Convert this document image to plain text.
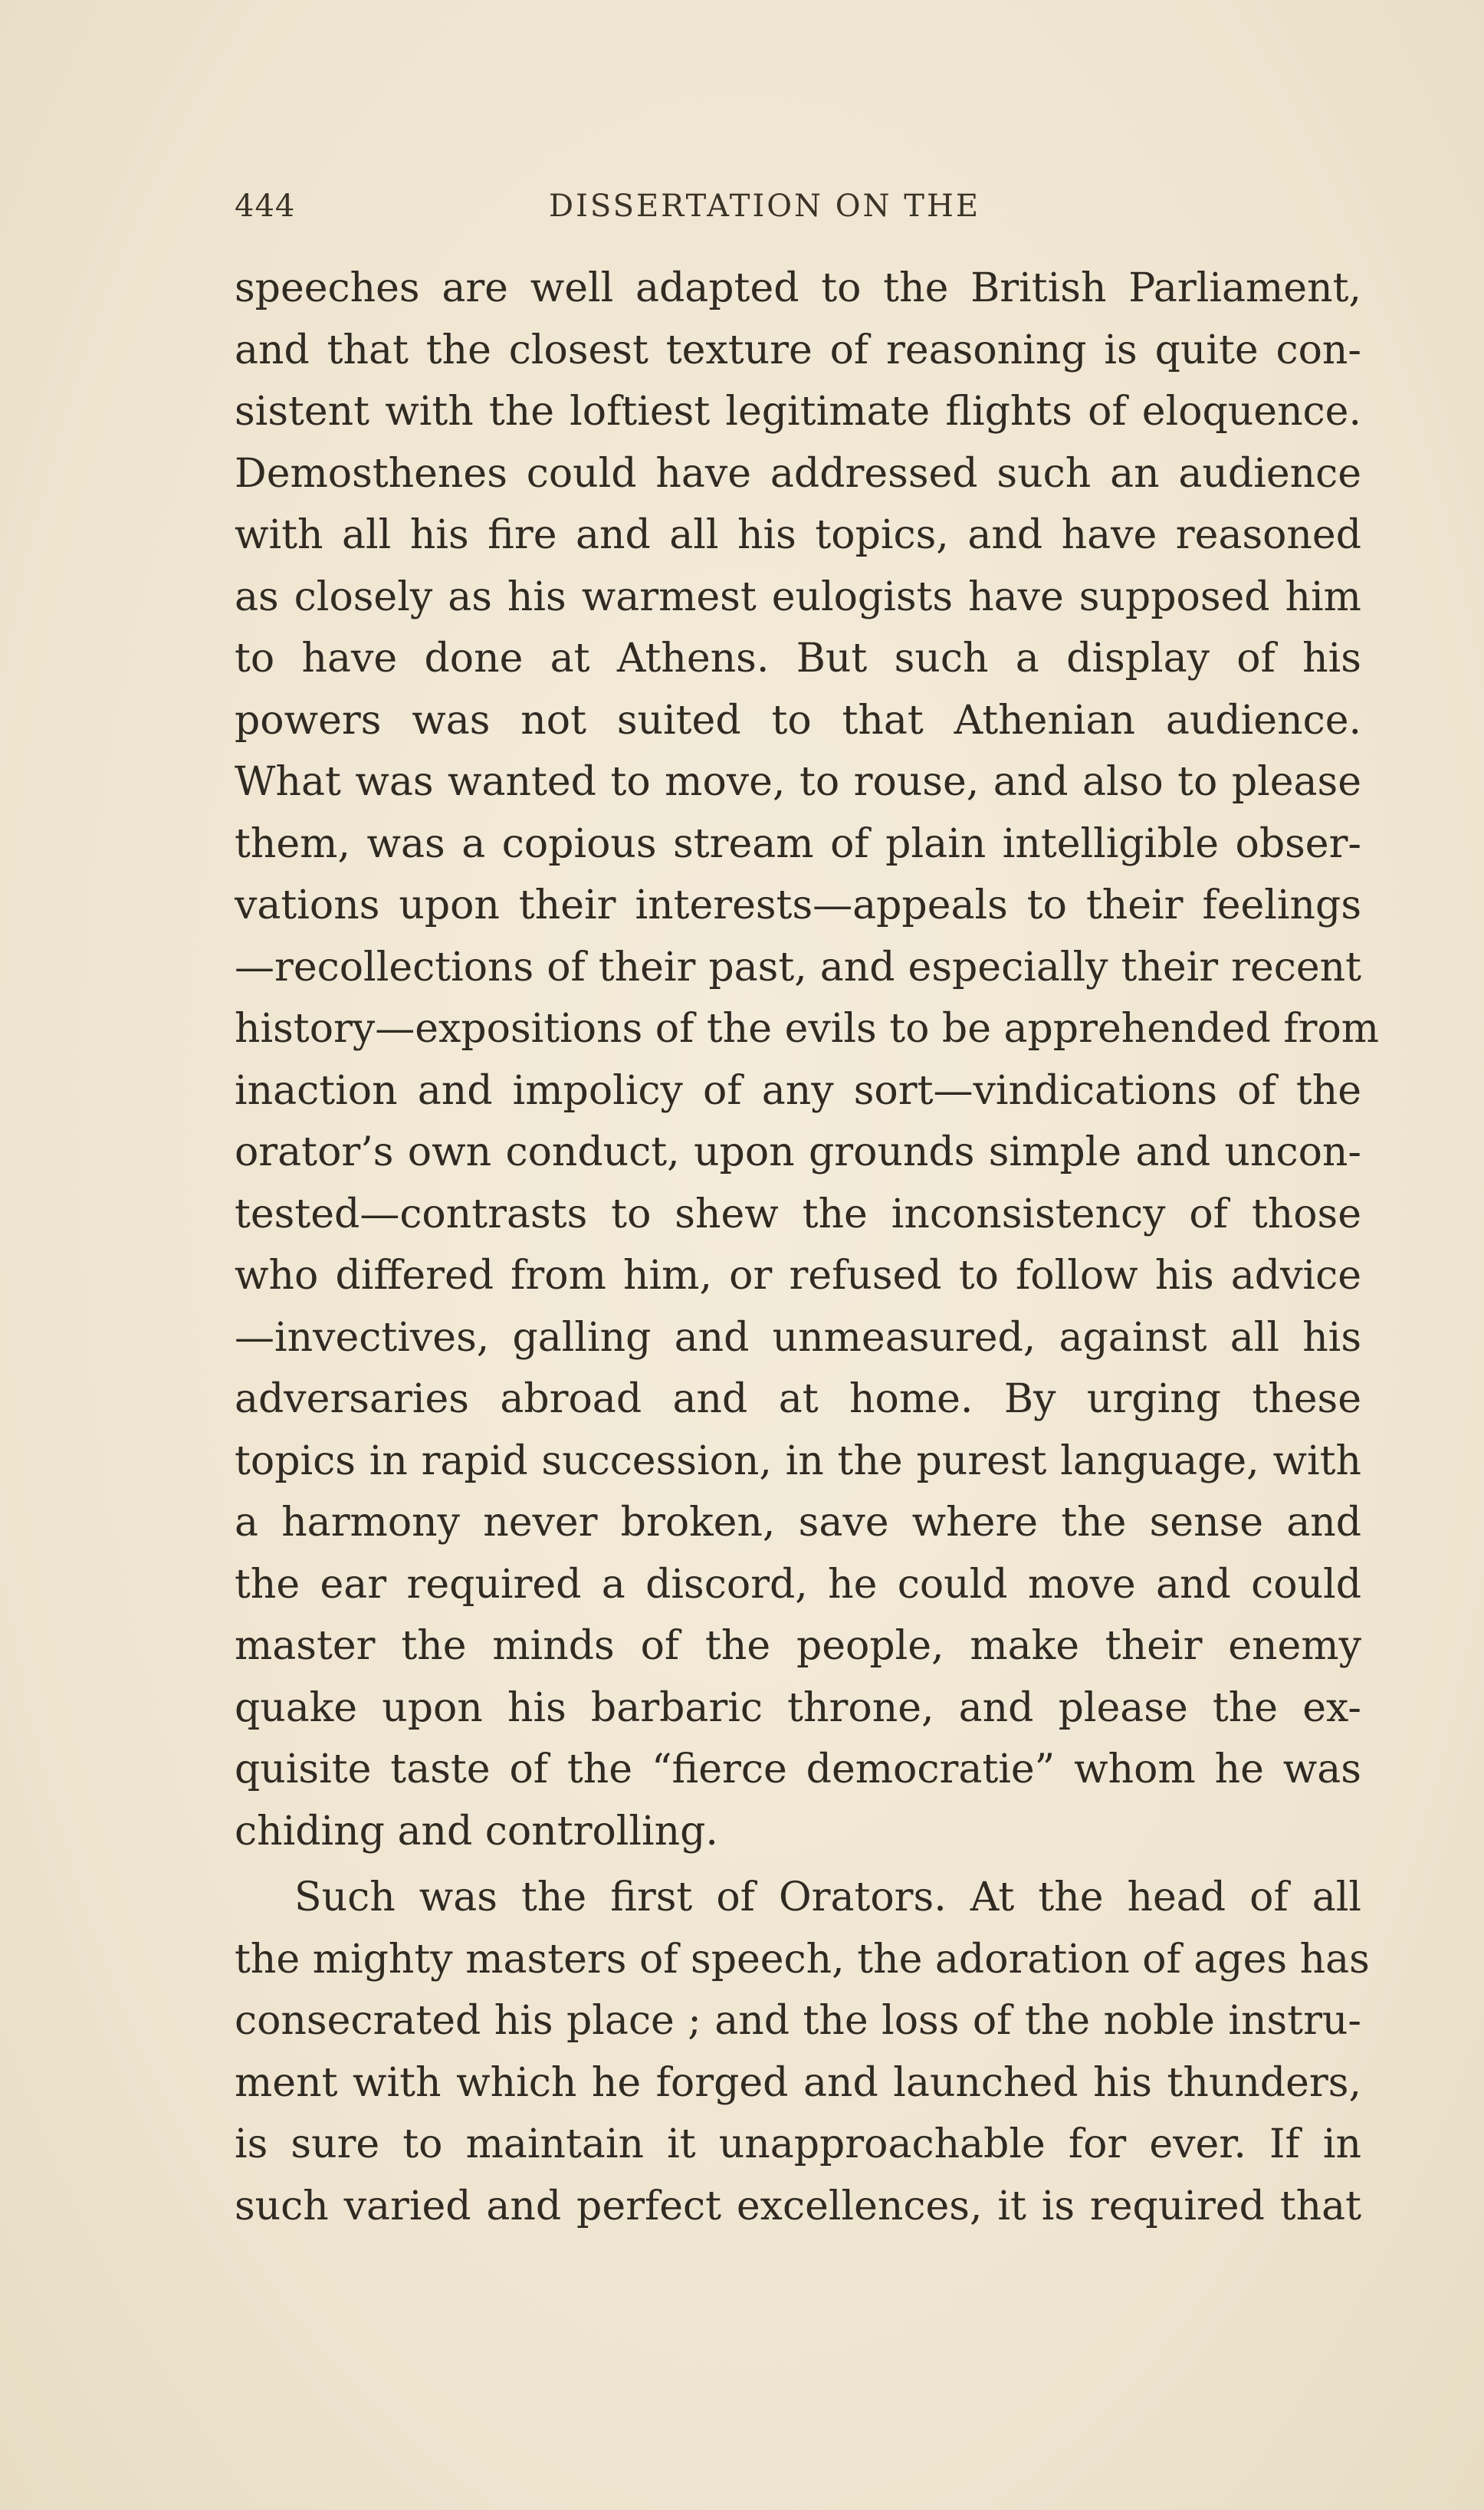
444	DISSERTATION ON THE
speeches are well adapted to the British Parliament,
and that the closest texture of reasoning is quite con-
sistent with the loftiest legitimate flights of eloquence.
Demosthenes could have addressed such an audience
with all his fire and all his topics, and have reasoned
as closely as his warmest eulogists have supposed him
to have done at Athens. But such a display of his
powers was not suited to that Athenian audience.
What was wanted to move, to rouse, and also to please
them, was a copious stream of plain intelligible obser-
vations upon their interests—appeals to their feelings
—recollections of their past, and especially their recent
history—expositions of the evils to be apprehended from
inaction and impolicy of any sort—vindications of the
orator’s own conduct, upon grounds simple and uncon-
tested—contrasts to shew the inconsistency of those
who differed from him, or refused to follow his advice
—invectives, galling and unmeasured, against all his
adversaries abroad and at home. By urging these
topics in rapid succession, in the purest language, with
a harmony never broken, save where the sense and
the ear required a discord, he could move and could
master the minds of the people, make their enemy
quake upon his barbaric throne, and please the ex-
quisite taste of the “fierce democratie” whom he was
chiding and controlling.
Such was the first of Orators. At the head of all
the mighty masters of speech, the adoration of ages has
consecrated his place ; and the loss of the noble instru-
ment with which he forged and launched his thunders,
is sure to maintain it unapproachable for ever. If in
such varied and perfect excellences, it is required that
